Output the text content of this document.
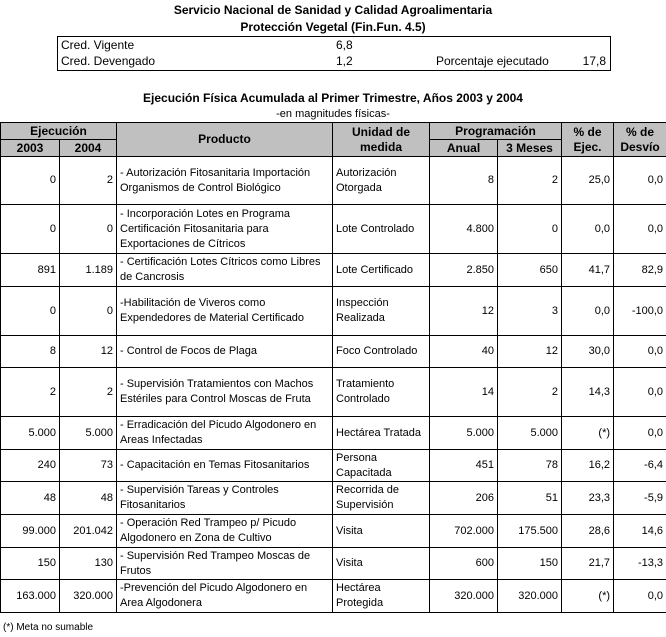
Servicio Nacional de Sanidad y Calidad Agroalimentaria
Protección Vegetal (Fin.Fun. 4.5)
Cred. Vigente	6,8
Cred. Devengado	1,2	Porcentaje ejecutado	17,8
Ejecución Física Acumulada al Primer Trimestre, Años 2003 y 2004
-en magnitudes físicas-
Ejecución		Producto	Unidad de medida	Programación		% de Ejec.	% de Desvío
2003	2004			Anual	3 Meses		
0	2	- Autorización Fitosanitaria Importación Organismos de Control Biológico	Autorización Otorgada	8	2	25,0	0,0
0	0	- Incorporación Lotes en Programa Certificación Fitosanitaria para Exportaciones de Cítricos	Lote Controlado	4.800	0	0,0	0,0
891	1.189	- Certificación Lotes Cítricos como Libres de Cancrosis	Lote Certificado	2.850	650	41,7	82,9
0	0	-Habilitación de Viveros como Expendedores de Material Certificado	Inspección Realizada	12	3	0,0	-100,0
8	12	- Control de Focos de Plaga	Foco Controlado	40	12	30,0	0,0
2	2	- Supervisión Tratamientos con Machos Estériles para Control Moscas de Fruta	Tratamiento Controlado	14	2	14,3	0,0
5.000	5.000	- Erradicación del Picudo Algodonero en Areas Infectadas	Hectárea Tratada	5.000	5.000	(*)	0,0
240	73	- Capacitación en Temas Fitosanitarios	Persona Capacitada	451	78	16,2	-6,4
48	48	- Supervisión Tareas y Controles Fitosanitarios	Recorrida de Supervisión	206	51	23,3	-5,9
99.000	201.042	- Operación Red Trampeo p/ Picudo Algodonero en Zona de Cultivo	Visita	702.000	175.500	28,6	14,6
150	130	- Supervisión Red Trampeo Moscas de Frutos	Visita	600	150	21,7	-13,3
163.000	320.000	-Prevención del Picudo Algodonero en Area Algodonera	Hectárea Protegida	320.000	320.000	(*)	0,0
(*) Meta no sumable
